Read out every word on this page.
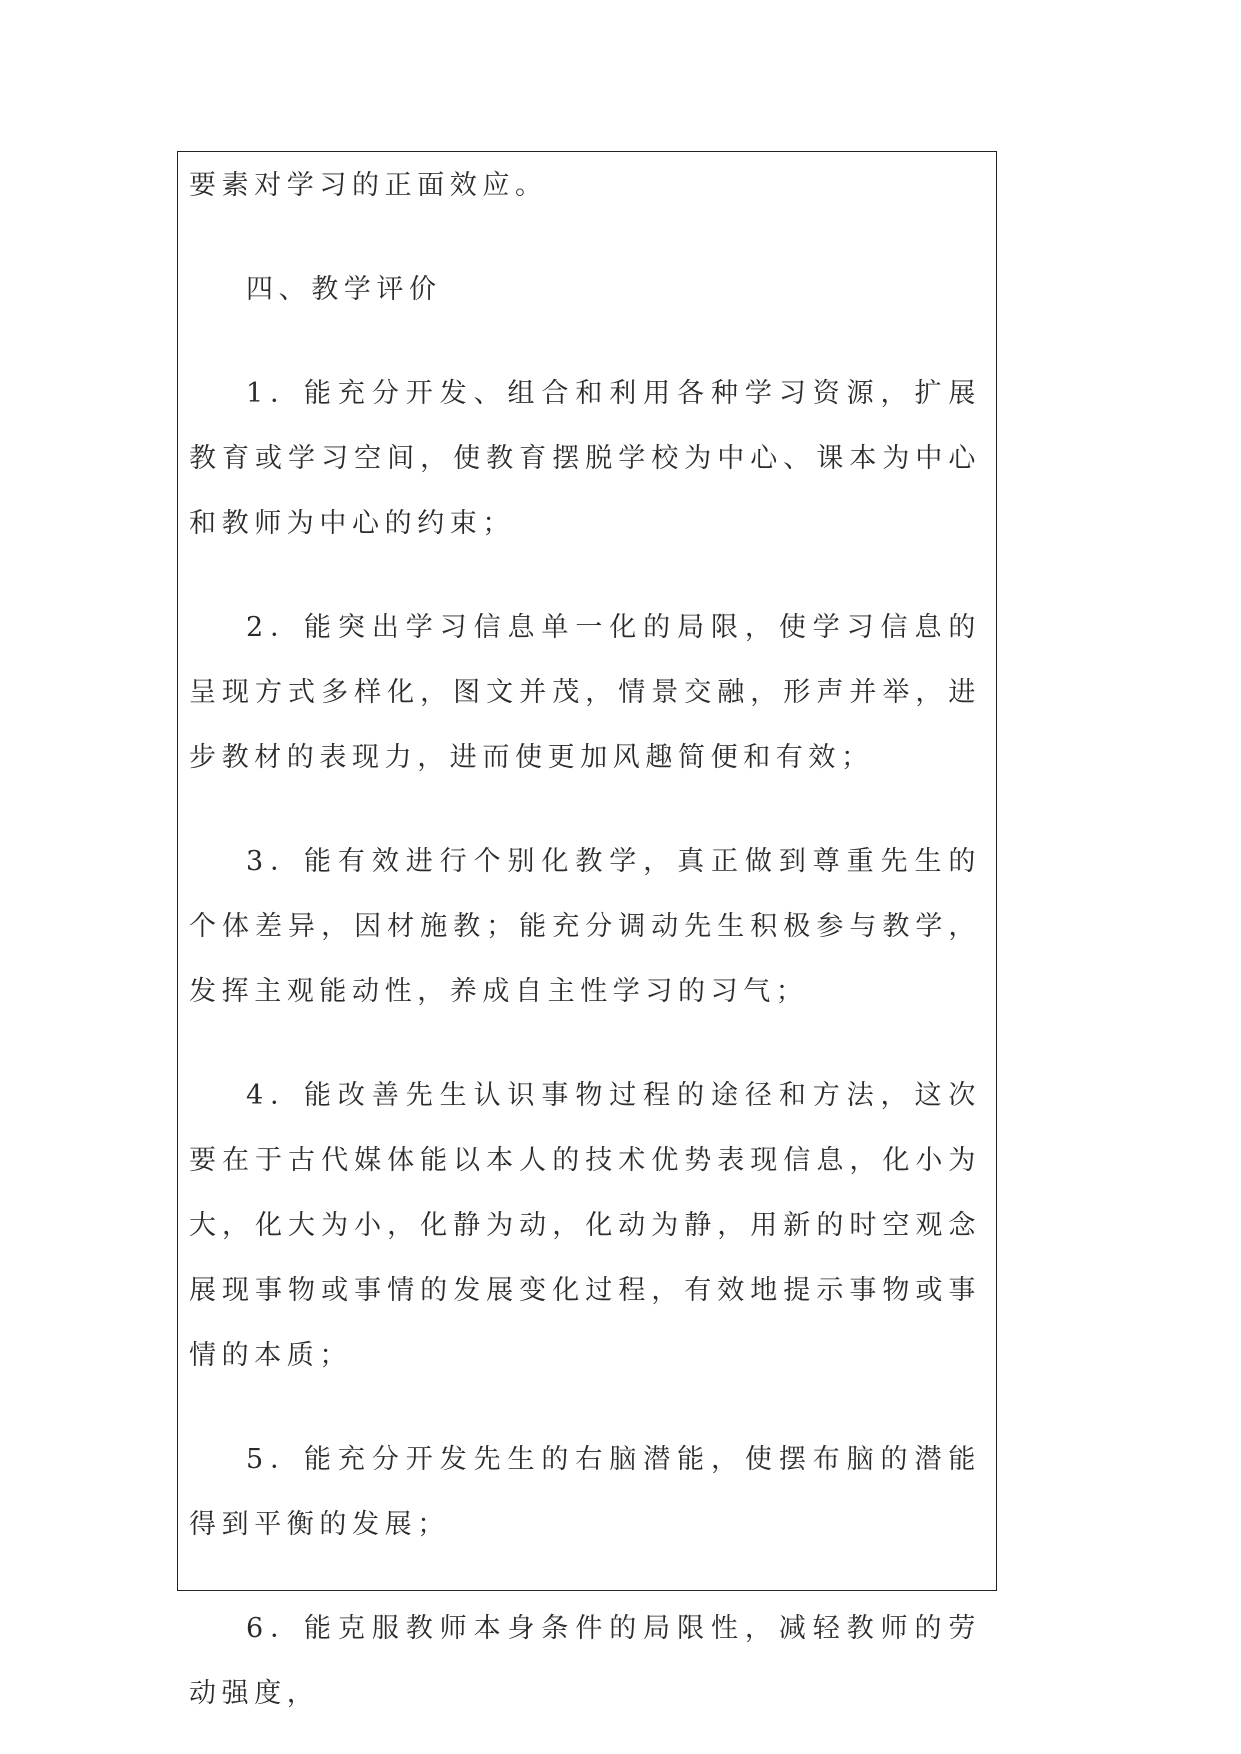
要素对学习的正面效应。

四、教学评价

1．能充分开发、组合和利用各种学习资源，扩展教育或学习空间，使教育摆脱学校为中心、课本为中心和教师为中心的约束；

2．能突出学习信息单一化的局限，使学习信息的呈现方式多样化，图文并茂，情景交融，形声并举，进步教材的表现力，进而使更加风趣简便和有效；

3．能有效进行个别化教学，真正做到尊重先生的个体差异，因材施教；能充分调动先生积极参与教学，发挥主观能动性，养成自主性学习的习气；

4．能改善先生认识事物过程的途径和方法，这次要在于古代媒体能以本人的技术优势表现信息，化小为大，化大为小，化静为动，化动为静，用新的时空观念展现事物或事情的发展变化过程，有效地提示事物或事情的本质；

5．能充分开发先生的右脑潜能，使摆布脑的潜能得到平衡的发展；

6．能克服教师本身条件的局限性，减轻教师的劳动强度，
